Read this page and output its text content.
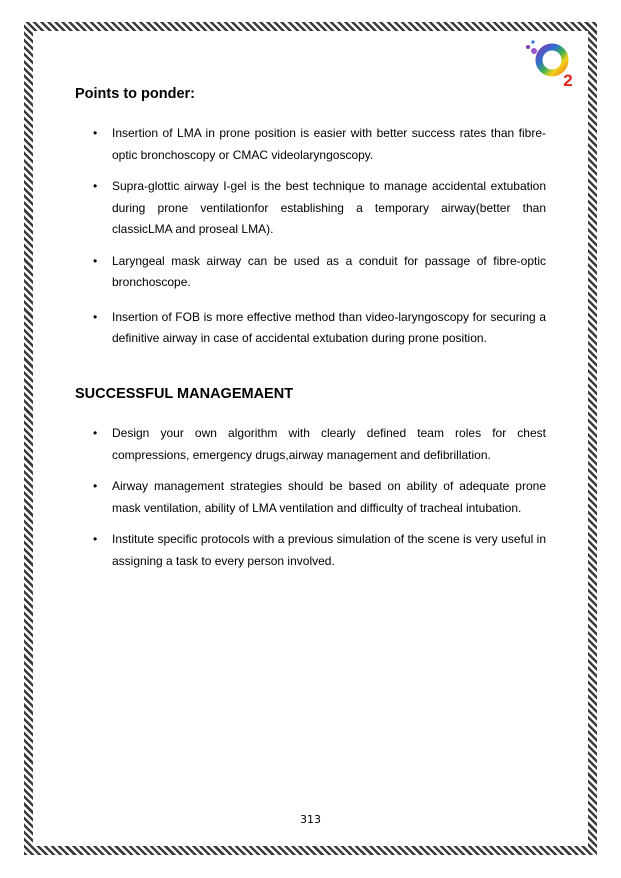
2
Points to ponder:
• Insertion of LMA in prone position is easier with better success rates than fibre-optic bronchoscopy or CMAC videolaryngoscopy.
• Supra-glottic airway I-gel is the best technique to manage accidental extubation during prone ventilationfor establishing a temporary airway(better than classicLMA and proseal LMA).
• Laryngeal mask airway can be used as a conduit for passage of fibre-optic bronchoscope.
• Insertion of FOB is more effective method than video-laryngoscopy for securing a definitive airway in case of accidental extubation during prone position.
SUCCESSFUL MANAGEMAENT
• Design your own algorithm with clearly defined team roles for chest compressions, emergency drugs,airway management and defibrillation.
• Airway management strategies should be based on ability of adequate prone mask ventilation, ability of LMA ventilation and difficulty of tracheal intubation.
• Institute specific protocols with a previous simulation of the scene is very useful in assigning a task to every person involved.
313
